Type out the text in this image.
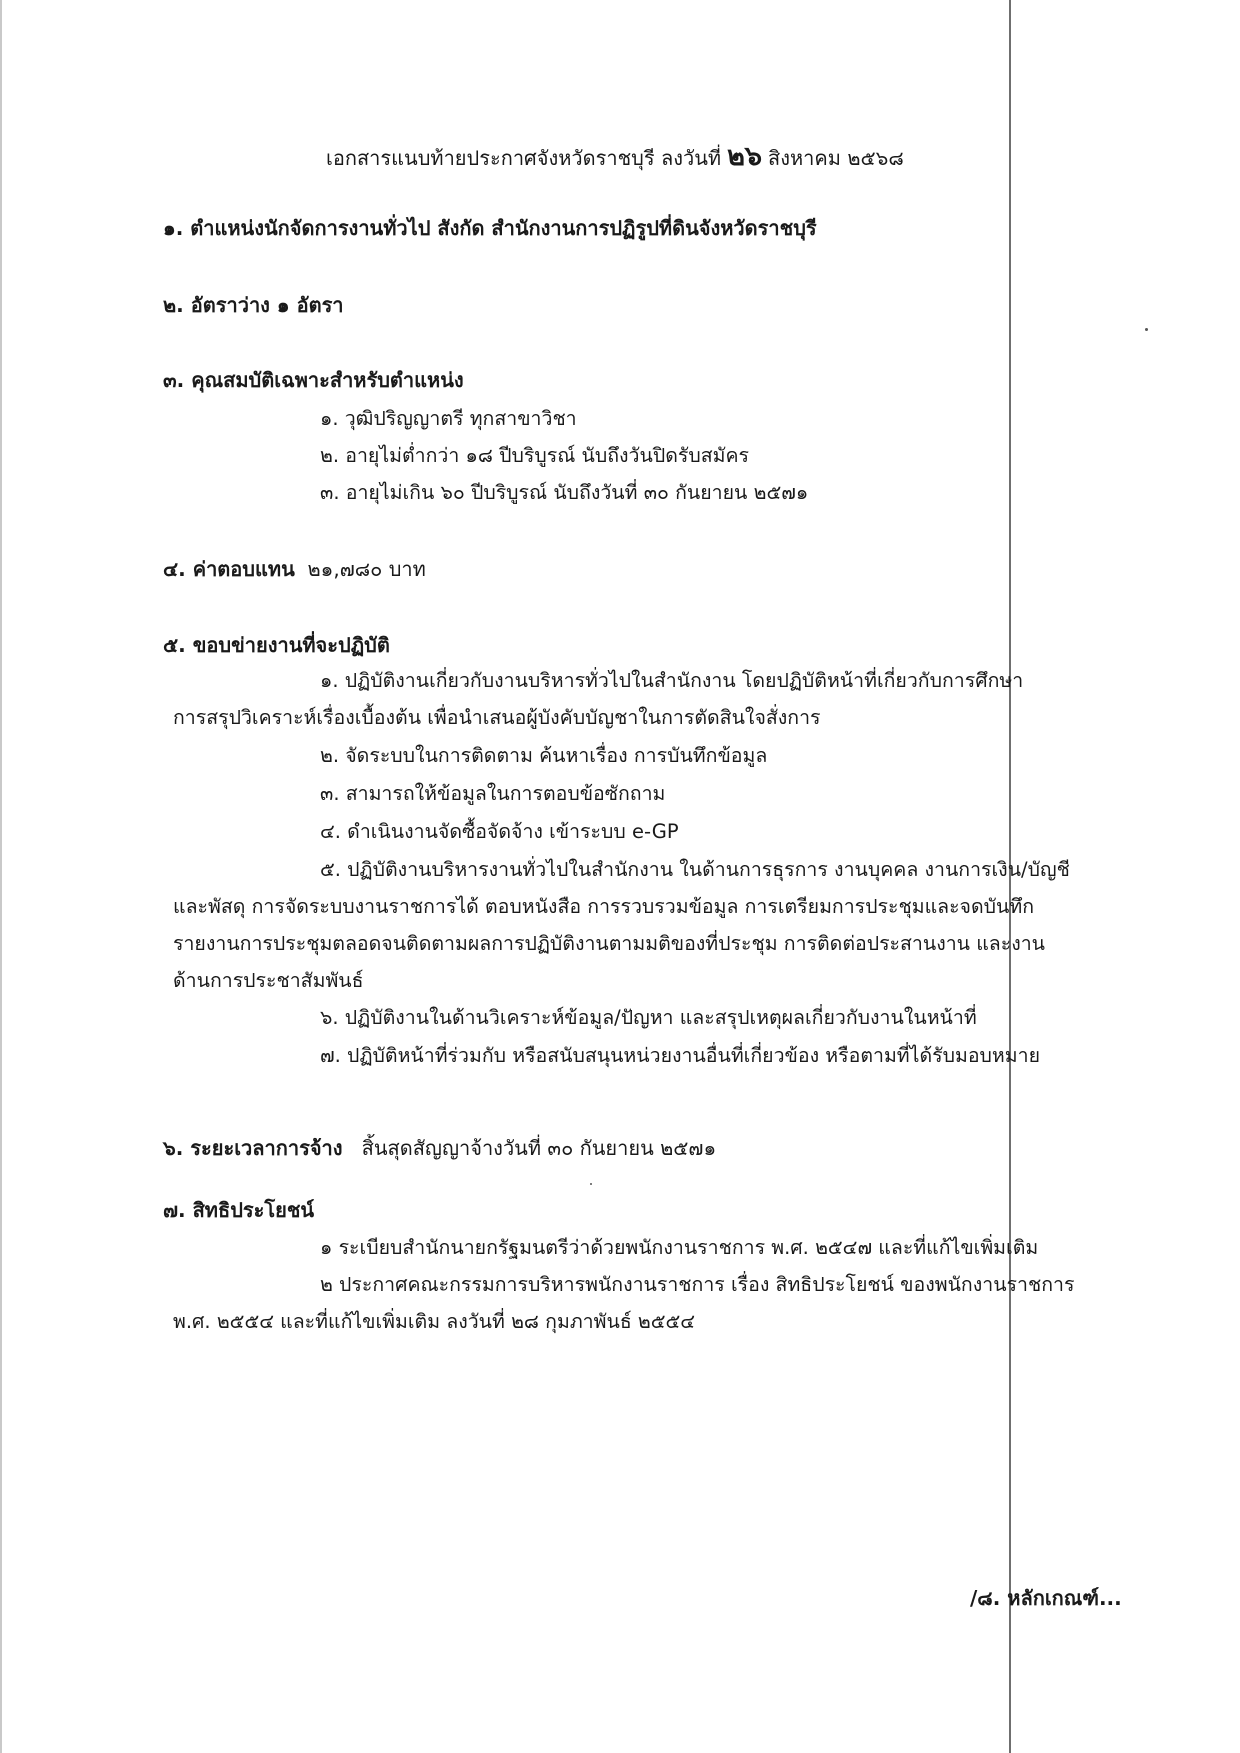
เอกสารแนบท้ายประกาศจังหวัดราชบุรี ลงวันที่ ๒๖ สิงหาคม ๒๕๖๘
๑. ตำแหน่งนักจัดการงานทั่วไป สังกัด สำนักงานการปฏิรูปที่ดินจังหวัดราชบุรี
๒. อัตราว่าง ๑ อัตรา
๓. คุณสมบัติเฉพาะสำหรับตำแหน่ง
๑. วุฒิปริญญาตรี ทุกสาขาวิชา
๒. อายุไม่ต่ำกว่า ๑๘ ปีบริบูรณ์ นับถึงวันปิดรับสมัคร
๓. อายุไม่เกิน ๖๐ ปีบริบูรณ์ นับถึงวันที่ ๓๐ กันยายน ๒๕๗๑
๔. ค่าตอบแทน ๒๑,๗๘๐ บาท
๕. ขอบข่ายงานที่จะปฏิบัติ
๑. ปฏิบัติงานเกี่ยวกับงานบริหารทั่วไปในสำนักงาน โดยปฏิบัติหน้าที่เกี่ยวกับการศึกษา
การสรุปวิเคราะห์เรื่องเบื้องต้น เพื่อนำเสนอผู้บังคับบัญชาในการตัดสินใจสั่งการ
๒. จัดระบบในการติดตาม ค้นหาเรื่อง การบันทึกข้อมูล
๓. สามารถให้ข้อมูลในการตอบข้อซักถาม
๔. ดำเนินงานจัดซื้อจัดจ้าง เข้าระบบ e-GP
๕. ปฏิบัติงานบริหารงานทั่วไปในสำนักงาน ในด้านการธุรการ งานบุคคล งานการเงิน/บัญชี
และพัสดุ การจัดระบบงานราชการได้ ตอบหนังสือ การรวบรวมข้อมูล การเตรียมการประชุมและจดบันทึก
รายงานการประชุมตลอดจนติดตามผลการปฏิบัติงานตามมติของที่ประชุม การติดต่อประสานงาน และงาน
ด้านการประชาสัมพันธ์
๖. ปฏิบัติงานในด้านวิเคราะห์ข้อมูล/ปัญหา และสรุปเหตุผลเกี่ยวกับงานในหน้าที่
๗. ปฏิบัติหน้าที่ร่วมกับ หรือสนับสนุนหน่วยงานอื่นที่เกี่ยวข้อง หรือตามที่ได้รับมอบหมาย
๖. ระยะเวลาการจ้าง สิ้นสุดสัญญาจ้างวันที่ ๓๐ กันยายน ๒๕๗๑
๗. สิทธิประโยชน์
๑ ระเบียบสำนักนายกรัฐมนตรีว่าด้วยพนักงานราชการ พ.ศ. ๒๕๔๗ และที่แก้ไขเพิ่มเติม
๒ ประกาศคณะกรรมการบริหารพนักงานราชการ เรื่อง สิทธิประโยชน์ ของพนักงานราชการ
พ.ศ. ๒๕๕๔ และที่แก้ไขเพิ่มเติม ลงวันที่ ๒๘ กุมภาพันธ์ ๒๕๕๔
/๘. หลักเกณฑ์...
